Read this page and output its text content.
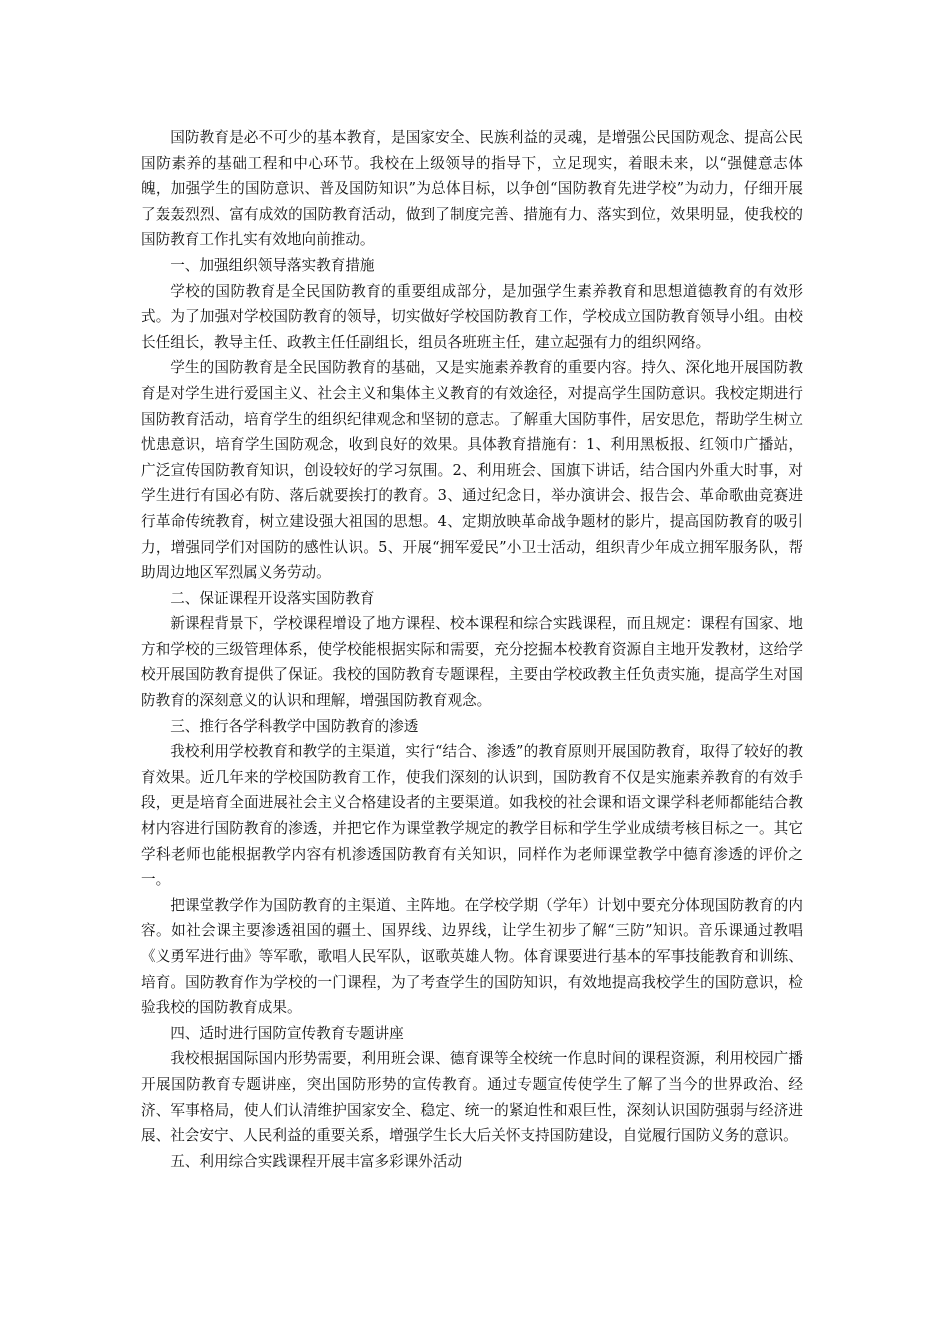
国防教育是必不可少的基本教育，是国家安全、民族利益的灵魂，是增强公民国防观念、提高公民国防素养的基础工程和中心环节。我校在上级领导的指导下，立足现实，着眼未来，以“强健意志体魄，加强学生的国防意识、普及国防知识”为总体目标，以争创“国防教育先进学校”为动力，仔细开展了轰轰烈烈、富有成效的国防教育活动，做到了制度完善、措施有力、落实到位，效果明显，使我校的国防教育工作扎实有效地向前推动。

一、加强组织领导落实教育措施

学校的国防教育是全民国防教育的重要组成部分，是加强学生素养教育和思想道德教育的有效形式。为了加强对学校国防教育的领导，切实做好学校国防教育工作，学校成立国防教育领导小组。由校长任组长，教导主任、政教主任任副组长，组员各班班主任，建立起强有力的组织网络。

学生的国防教育是全民国防教育的基础，又是实施素养教育的重要内容。持久、深化地开展国防教育是对学生进行爱国主义、社会主义和集体主义教育的有效途径，对提高学生国防意识。我校定期进行国防教育活动，培育学生的组织纪律观念和坚韧的意志。了解重大国防事件，居安思危，帮助学生树立忧患意识，培育学生国防观念，收到良好的效果。具体教育措施有：1、利用黑板报、红领巾广播站，广泛宣传国防教育知识，创设较好的学习氛围。2、利用班会、国旗下讲话，结合国内外重大时事，对学生进行有国必有防、落后就要挨打的教育。3、通过纪念日，举办演讲会、报告会、革命歌曲竞赛进行革命传统教育，树立建设强大祖国的思想。4、定期放映革命战争题材的影片，提高国防教育的吸引力，增强同学们对国防的感性认识。5、开展“拥军爱民”小卫士活动，组织青少年成立拥军服务队，帮助周边地区军烈属义务劳动。

二、保证课程开设落实国防教育

新课程背景下，学校课程增设了地方课程、校本课程和综合实践课程，而且规定：课程有国家、地方和学校的三级管理体系，使学校能根据实际和需要，充分挖掘本校教育资源自主地开发教材，这给学校开展国防教育提供了保证。我校的国防教育专题课程，主要由学校政教主任负责实施，提高学生对国防教育的深刻意义的认识和理解，增强国防教育观念。

三、推行各学科教学中国防教育的渗透

我校利用学校教育和教学的主渠道，实行“结合、渗透”的教育原则开展国防教育，取得了较好的教育效果。近几年来的学校国防教育工作，使我们深刻的认识到，国防教育不仅是实施素养教育的有效手段，更是培育全面进展社会主义合格建设者的主要渠道。如我校的社会课和语文课学科老师都能结合教材内容进行国防教育的渗透，并把它作为课堂教学规定的教学目标和学生学业成绩考核目标之一。其它学科老师也能根据教学内容有机渗透国防教育有关知识，同样作为老师课堂教学中德育渗透的评价之一。

把课堂教学作为国防教育的主渠道、主阵地。在学校学期（学年）计划中要充分体现国防教育的内容。如社会课主要渗透祖国的疆土、国界线、边界线，让学生初步了解“三防”知识。音乐课通过教唱《义勇军进行曲》等军歌，歌唱人民军队，讴歌英雄人物。体育课要进行基本的军事技能教育和训练、培育。国防教育作为学校的一门课程，为了考查学生的国防知识，有效地提高我校学生的国防意识，检验我校的国防教育成果。

四、适时进行国防宣传教育专题讲座

我校根据国际国内形势需要，利用班会课、德育课等全校统一作息时间的课程资源，利用校园广播开展国防教育专题讲座，突出国防形势的宣传教育。通过专题宣传使学生了解了当今的世界政治、经济、军事格局，使人们认清维护国家安全、稳定、统一的紧迫性和艰巨性，深刻认识国防强弱与经济进展、社会安宁、人民利益的重要关系，增强学生长大后关怀支持国防建设，自觉履行国防义务的意识。

五、利用综合实践课程开展丰富多彩课外活动
